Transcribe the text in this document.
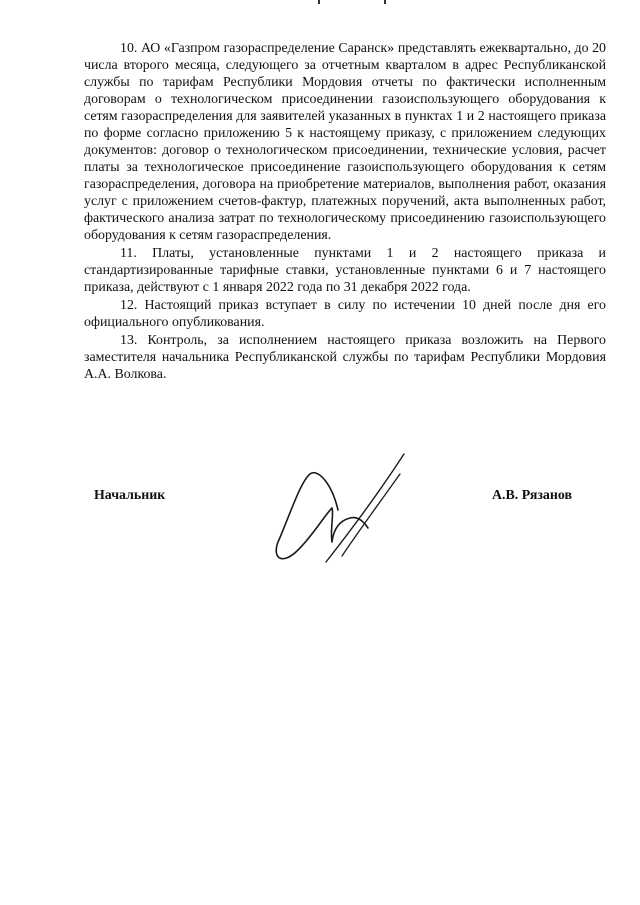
10. АО «Газпром газораспределение Саранск» представлять ежеквартально, до 20 числа второго месяца, следующего за отчетным кварталом в адрес Республиканской службы по тарифам Республики Мордовия отчеты по фактически исполненным договорам о технологическом присоединении газоиспользующего оборудования к сетям газораспределения для заявителей указанных в пунктах 1 и 2 настоящего приказа по форме согласно приложению 5 к настоящему приказу, с приложением следующих документов: договор о технологическом присоединении, технические условия, расчет платы за технологическое присоединение газоиспользующего оборудования к сетям газораспределения, договора на приобретение материалов, выполнения работ, оказания услуг с приложением счетов-фактур, платежных поручений, акта выполненных работ, фактического анализа затрат по технологическому присоединению газоиспользующего оборудования к сетям газораспределения.

11. Платы, установленные пунктами 1 и 2 настоящего приказа и стандартизированные тарифные ставки, установленные пунктами 6 и 7 настоящего приказа, действуют с 1 января 2022 года по 31 декабря 2022 года.

12. Настоящий приказ вступает в силу по истечении 10 дней после дня его официального опубликования.

13. Контроль, за исполнением настоящего приказа возложить на Первого заместителя начальника Республиканской службы по тарифам Республики Мордовия А.А. Волкова.

Начальник	А.В. Рязанов
